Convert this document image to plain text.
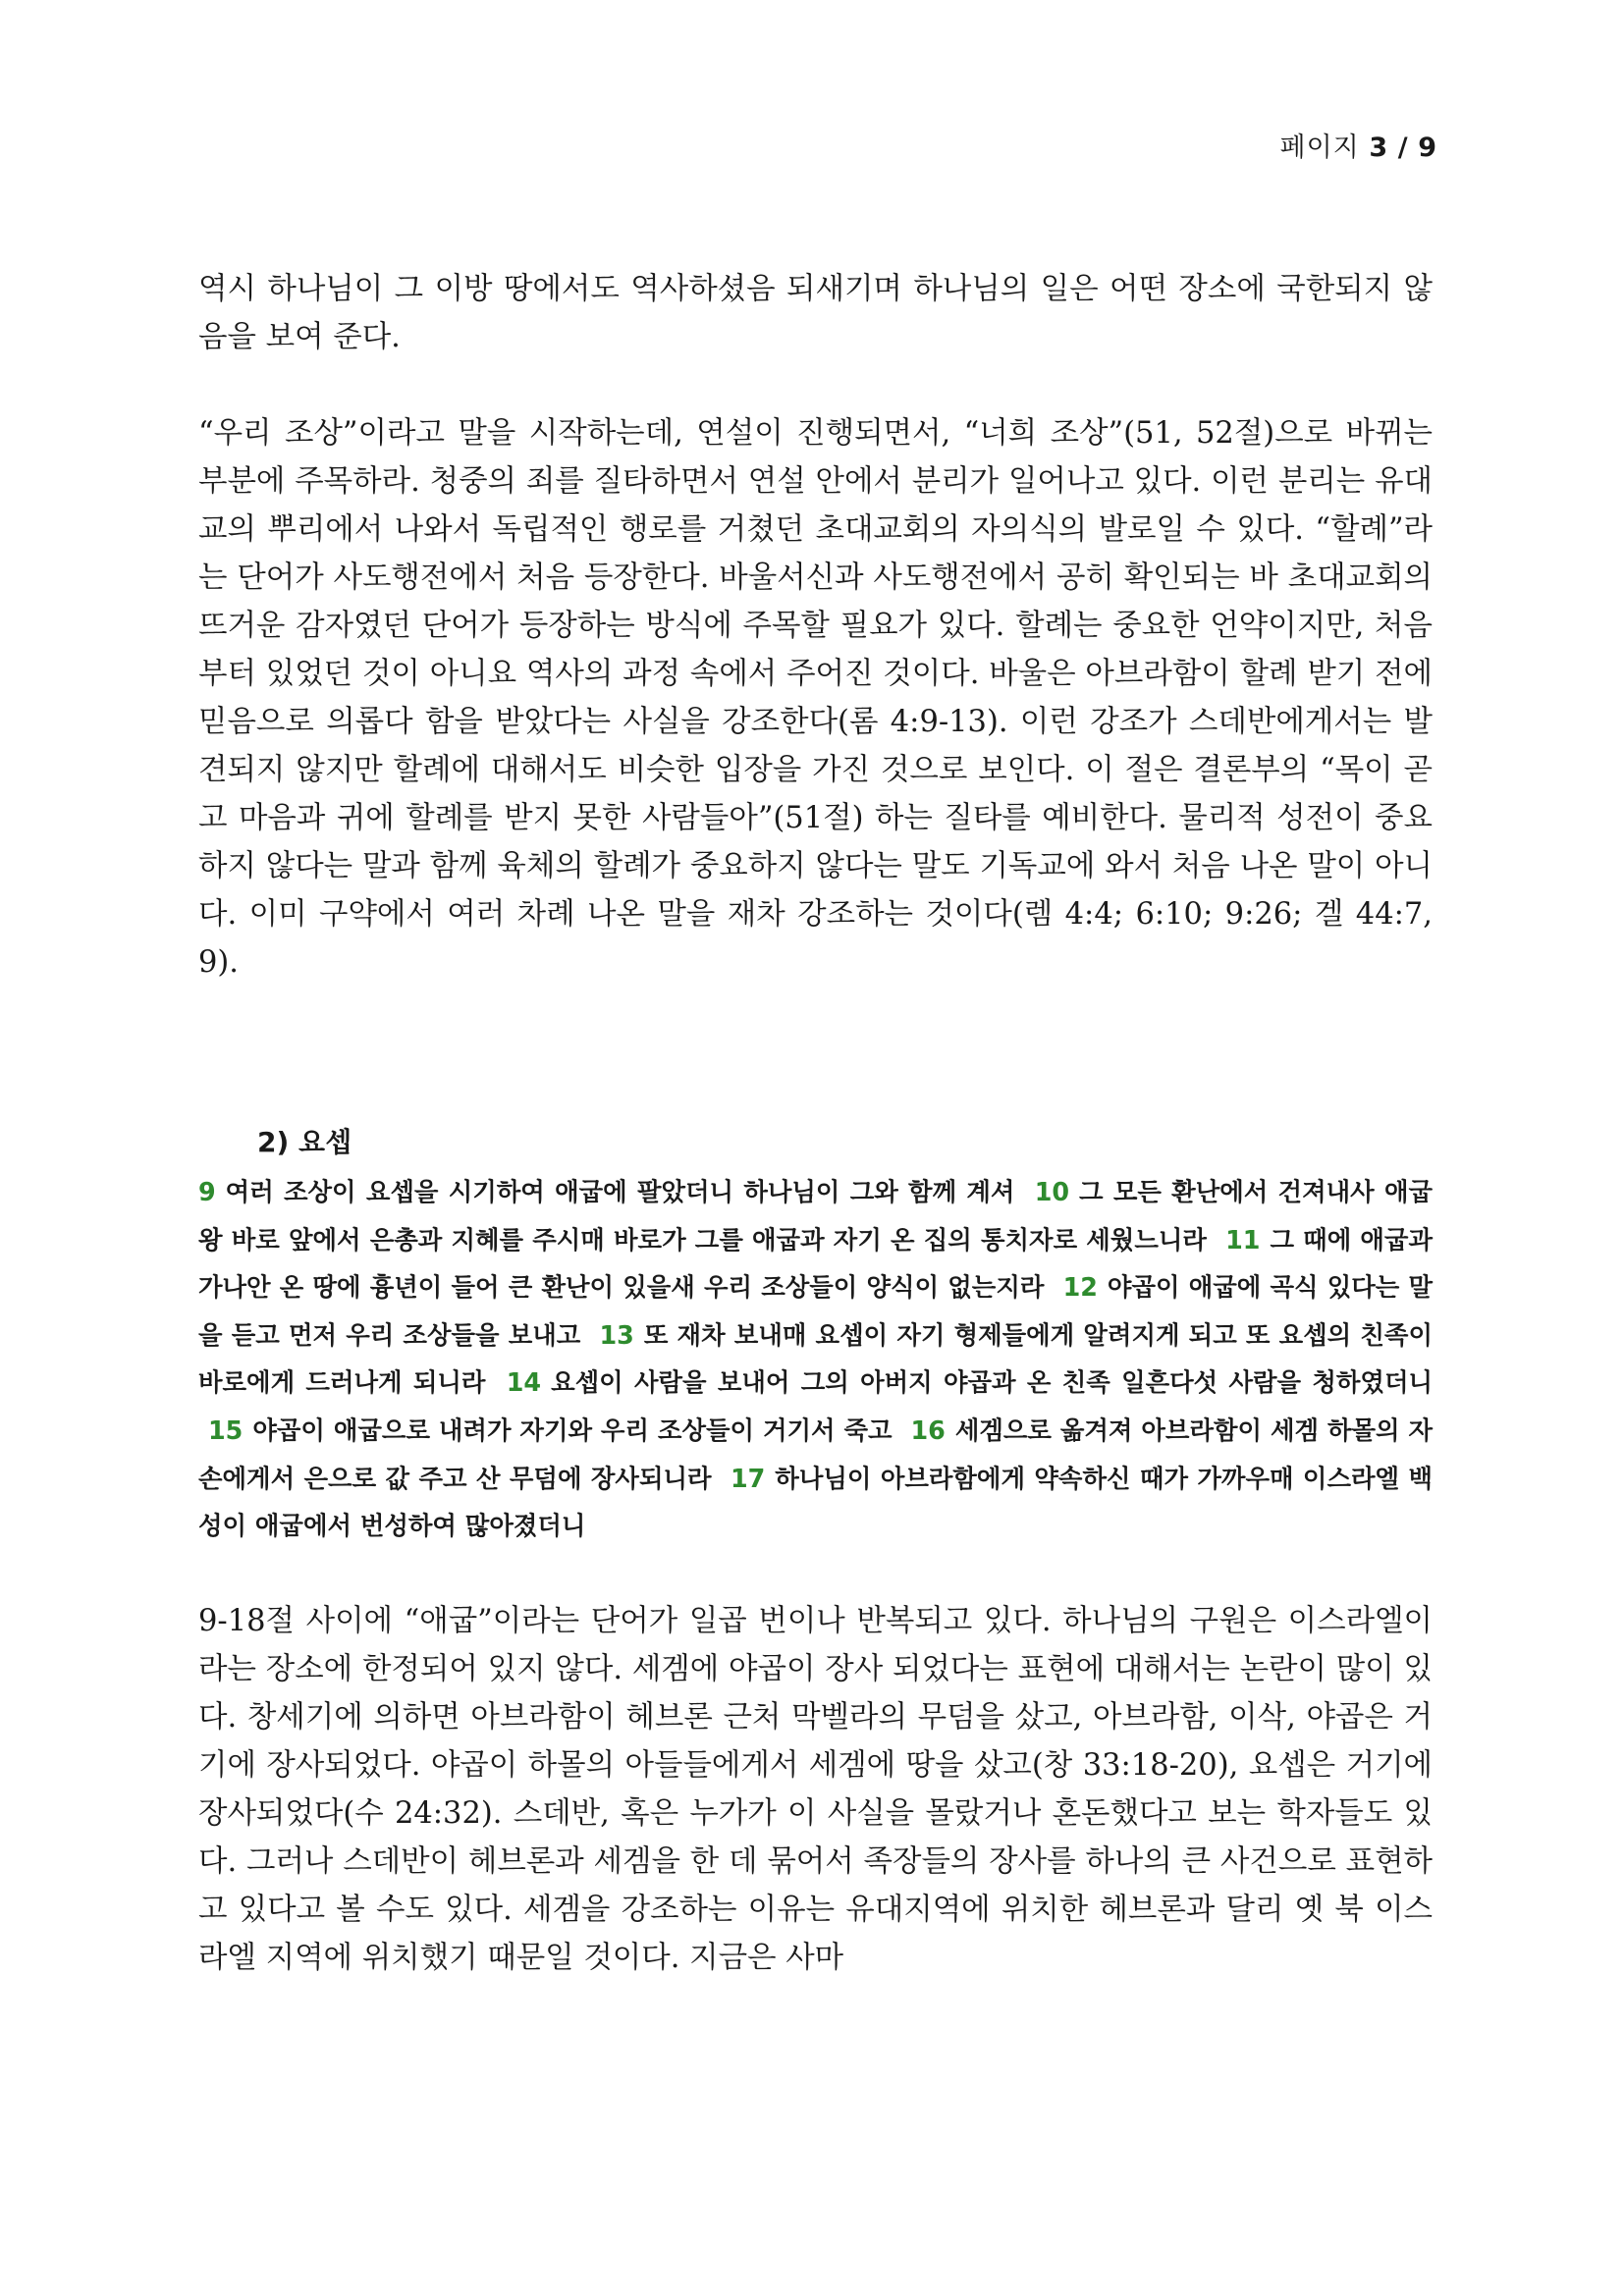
페이지 3 / 9

역시 하나님이 그 이방 땅에서도 역사하셨음 되새기며 하나님의 일은 어떤 장소에 국한되지 않음을 보여 준다.

“우리 조상”이라고 말을 시작하는데, 연설이 진행되면서, “너희 조상”(51, 52절)으로 바뀌는 부분에 주목하라. 청중의 죄를 질타하면서 연설 안에서 분리가 일어나고 있다. 이런 분리는 유대교의 뿌리에서 나와서 독립적인 행로를 거쳤던 초대교회의 자의식의 발로일 수 있다. “할례”라는 단어가 사도행전에서 처음 등장한다. 바울서신과 사도행전에서 공히 확인되는 바 초대교회의 뜨거운 감자였던 단어가 등장하는 방식에 주목할 필요가 있다. 할례는 중요한 언약이지만, 처음부터 있었던 것이 아니요 역사의 과정 속에서 주어진 것이다. 바울은 아브라함이 할례 받기 전에 믿음으로 의롭다 함을 받았다는 사실을 강조한다(롬 4:9-13). 이런 강조가 스데반에게서는 발견되지 않지만 할례에 대해서도 비슷한 입장을 가진 것으로 보인다. 이 절은 결론부의 “목이 곧고 마음과 귀에 할례를 받지 못한 사람들아”(51절) 하는 질타를 예비한다. 물리적 성전이 중요하지 않다는 말과 함께 육체의 할례가 중요하지 않다는 말도 기독교에 와서 처음 나온 말이 아니다. 이미 구약에서 여러 차례 나온 말을 재차 강조하는 것이다(렘 4:4; 6:10; 9:26; 겔 44:7, 9).

2) 요셉

9 여러 조상이 요셉을 시기하여 애굽에 팔았더니 하나님이 그와 함께 계셔 10 그 모든 환난에서 건져내사 애굽 왕 바로 앞에서 은총과 지혜를 주시매 바로가 그를 애굽과 자기 온 집의 통치자로 세웠느니라 11 그 때에 애굽과 가나안 온 땅에 흉년이 들어 큰 환난이 있을새 우리 조상들이 양식이 없는지라 12 야곱이 애굽에 곡식 있다는 말을 듣고 먼저 우리 조상들을 보내고 13 또 재차 보내매 요셉이 자기 형제들에게 알려지게 되고 또 요셉의 친족이 바로에게 드러나게 되니라 14 요셉이 사람을 보내어 그의 아버지 야곱과 온 친족 일흔다섯 사람을 청하였더니 15 야곱이 애굽으로 내려가 자기와 우리 조상들이 거기서 죽고 16 세겜으로 옮겨져 아브라함이 세겜 하몰의 자손에게서 은으로 값 주고 산 무덤에 장사되니라 17 하나님이 아브라함에게 약속하신 때가 가까우매 이스라엘 백성이 애굽에서 번성하여 많아졌더니

9-18절 사이에 “애굽”이라는 단어가 일곱 번이나 반복되고 있다. 하나님의 구원은 이스라엘이라는 장소에 한정되어 있지 않다. 세겜에 야곱이 장사 되었다는 표현에 대해서는 논란이 많이 있다. 창세기에 의하면 아브라함이 헤브론 근처 막벨라의 무덤을 샀고, 아브라함, 이삭, 야곱은 거기에 장사되었다. 야곱이 하몰의 아들들에게서 세겜에 땅을 샀고(창 33:18-20), 요셉은 거기에 장사되었다(수 24:32). 스데반, 혹은 누가가 이 사실을 몰랐거나 혼돈했다고 보는 학자들도 있다. 그러나 스데반이 헤브론과 세겜을 한 데 묶어서 족장들의 장사를 하나의 큰 사건으로 표현하고 있다고 볼 수도 있다. 세겜을 강조하는 이유는 유대지역에 위치한 헤브론과 달리 옛 북 이스라엘 지역에 위치했기 때문일 것이다. 지금은 사마
